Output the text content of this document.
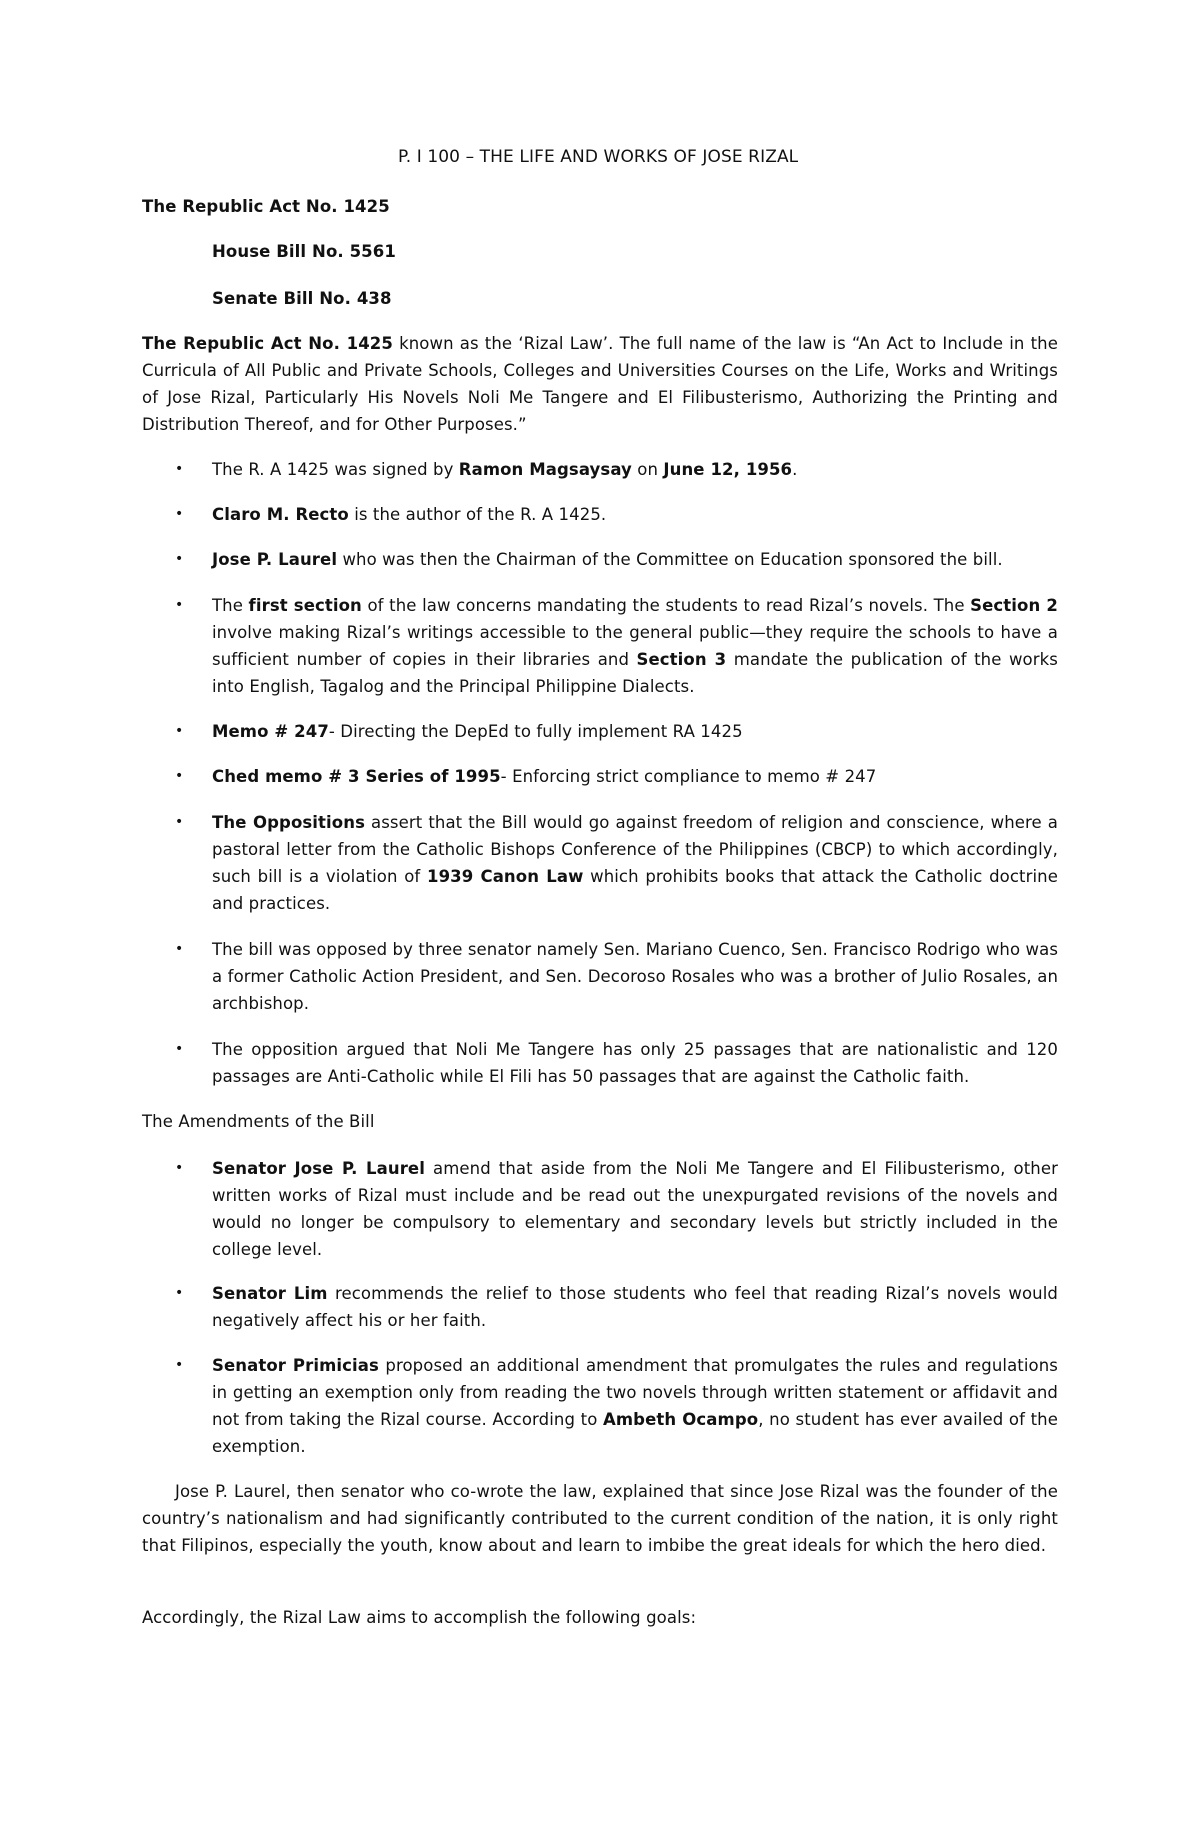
P. I 100 – THE LIFE AND WORKS OF JOSE RIZAL
The Republic Act No. 1425
House Bill No. 5561
Senate Bill No. 438
The Republic Act No. 1425 known as the ‘Rizal Law’. The full name of the law is “An Act to Include in the Curricula of All Public and Private Schools, Colleges and Universities Courses on the Life, Works and Writings of Jose Rizal, Particularly His Novels Noli Me Tangere and El Filibusterismo, Authorizing the Printing and Distribution Thereof, and for Other Purposes.”
• The R. A 1425 was signed by Ramon Magsaysay on June 12, 1956.
• Claro M. Recto is the author of the R. A 1425.
• Jose P. Laurel who was then the Chairman of the Committee on Education sponsored the bill.
• The first section of the law concerns mandating the students to read Rizal’s novels. The Section 2 involve making Rizal’s writings accessible to the general public—they require the schools to have a sufficient number of copies in their libraries and Section 3 mandate the publication of the works into English, Tagalog and the Principal Philippine Dialects.
• Memo # 247- Directing the DepEd to fully implement RA 1425
• Ched memo # 3 Series of 1995- Enforcing strict compliance to memo # 247
• The Oppositions assert that the Bill would go against freedom of religion and conscience, where a pastoral letter from the Catholic Bishops Conference of the Philippines (CBCP) to which accordingly, such bill is a violation of 1939 Canon Law which prohibits books that attack the Catholic doctrine and practices.
• The bill was opposed by three senator namely Sen. Mariano Cuenco, Sen. Francisco Rodrigo who was a former Catholic Action President, and Sen. Decoroso Rosales who was a brother of Julio Rosales, an archbishop.
• The opposition argued that Noli Me Tangere has only 25 passages that are nationalistic and 120 passages are Anti-Catholic while El Fili has 50 passages that are against the Catholic faith.
The Amendments of the Bill
• Senator Jose P. Laurel amend that aside from the Noli Me Tangere and El Filibusterismo, other written works of Rizal must include and be read out the unexpurgated revisions of the novels and would no longer be compulsory to elementary and secondary levels but strictly included in the college level.
• Senator Lim recommends the relief to those students who feel that reading Rizal’s novels would negatively affect his or her faith.
• Senator Primicias proposed an additional amendment that promulgates the rules and regulations in getting an exemption only from reading the two novels through written statement or affidavit and not from taking the Rizal course. According to Ambeth Ocampo, no student has ever availed of the exemption.
Jose P. Laurel, then senator who co-wrote the law, explained that since Jose Rizal was the founder of the country’s nationalism and had significantly contributed to the current condition of the nation, it is only right that Filipinos, especially the youth, know about and learn to imbibe the great ideals for which the hero died.
Accordingly, the Rizal Law aims to accomplish the following goals:
